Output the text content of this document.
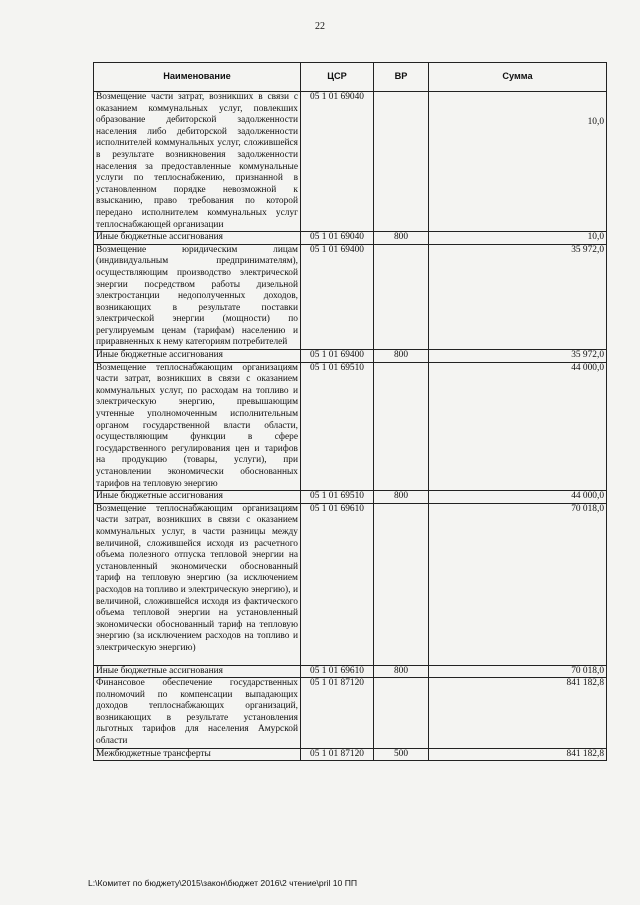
22
Наименование	ЦСР	ВР	Сумма
Возмещение части затрат, возникших в связи с оказанием коммунальных услуг, повлекших образование дебиторской задолженности населения либо дебиторской задолженности исполнителей коммунальных услуг, сложившейся в результате возникновения задолженности населения за предоставленные коммунальные услуги по теплоснабжению, признанной в установленном порядке невозможной к взысканию, право требования по которой передано исполнителем коммунальных услуг теплоснабжающей организации	05 1 01 69040		10,0
Иные бюджетные ассигнования	05 1 01 69040	800	10,0
Возмещение юридическим лицам (индивидуальным предпринимателям), осуществляющим производство электрической энергии посредством работы дизельной электростанции недополученных доходов, возникающих в результате поставки электрической энергии (мощности) по регулируемым ценам (тарифам) населению и приравненных к нему категориям потребителей	05 1 01 69400		35 972,0
Иные бюджетные ассигнования	05 1 01 69400	800	35 972,0
Возмещение теплоснабжающим организациям части затрат, возникших в связи с оказанием коммунальных услуг, по расходам на топливо и электрическую энергию, превышающим учтенные уполномоченным исполнительным органом государственной власти области, осуществляющим функции в сфере государственного регулирования цен и тарифов на продукцию (товары, услуги), при установлении экономически обоснованных тарифов на тепловую энергию	05 1 01 69510		44 000,0
Иные бюджетные ассигнования	05 1 01 69510	800	44 000,0
Возмещение теплоснабжающим организациям части затрат, возникших в связи с оказанием коммунальных услуг, в части разницы между величиной, сложившейся исходя из расчетного объема полезного отпуска тепловой энергии на установленный экономически обоснованный тариф на тепловую энергию (за исключением расходов на топливо и электрическую энергию), и величиной, сложившейся исходя из фактического объема тепловой энергии на установленный экономически обоснованный тариф на тепловую энергию (за исключением расходов на топливо и электрическую энергию)	05 1 01 69610		70 018,0
Иные бюджетные ассигнования	05 1 01 69610	800	70 018,0
Финансовое обеспечение государственных полномочий по компенсации выпадающих доходов теплоснабжающих организаций, возникающих в результате установления льготных тарифов для населения Амурской области	05 1 01 87120		841 182,8
Межбюджетные трансферты	05 1 01 87120	500	841 182,8
L:\Комитет по бюджету\2015\закон\бюджет 2016\2 чтение\pril 10 ПП
